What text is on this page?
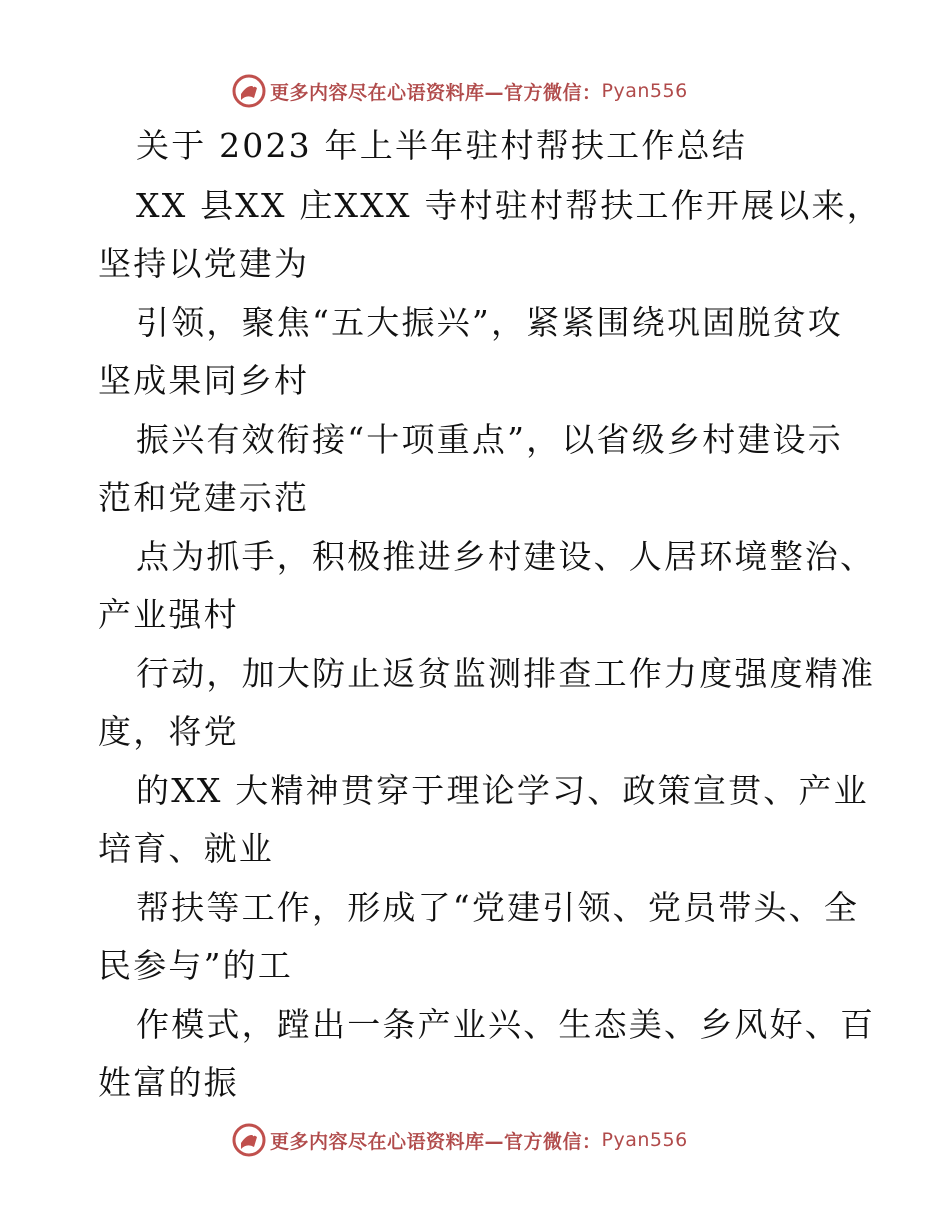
更多内容尽在心语资料库—官方微信： Pyan556
关于 2023 年上半年驻村帮扶工作总结
XX 县XX 庄XXX 寺村驻村帮扶工作开展以来，
坚持以党建为
引领，聚焦“五大振兴”，紧紧围绕巩固脱贫攻
坚成果同乡村
振兴有效衔接“十项重点”，以省级乡村建设示
范和党建示范
点为抓手，积极推进乡村建设、人居环境整治、
产业强村
行动，加大防止返贫监测排查工作力度强度精准
度，将党
的XX 大精神贯穿于理论学习、政策宣贯、产业
培育、就业
帮扶等工作，形成了“党建引领、党员带头、全
民参与”的工
作模式，蹚出一条产业兴、生态美、乡风好、百
姓富的振
更多内容尽在心语资料库—官方微信： Pyan556
